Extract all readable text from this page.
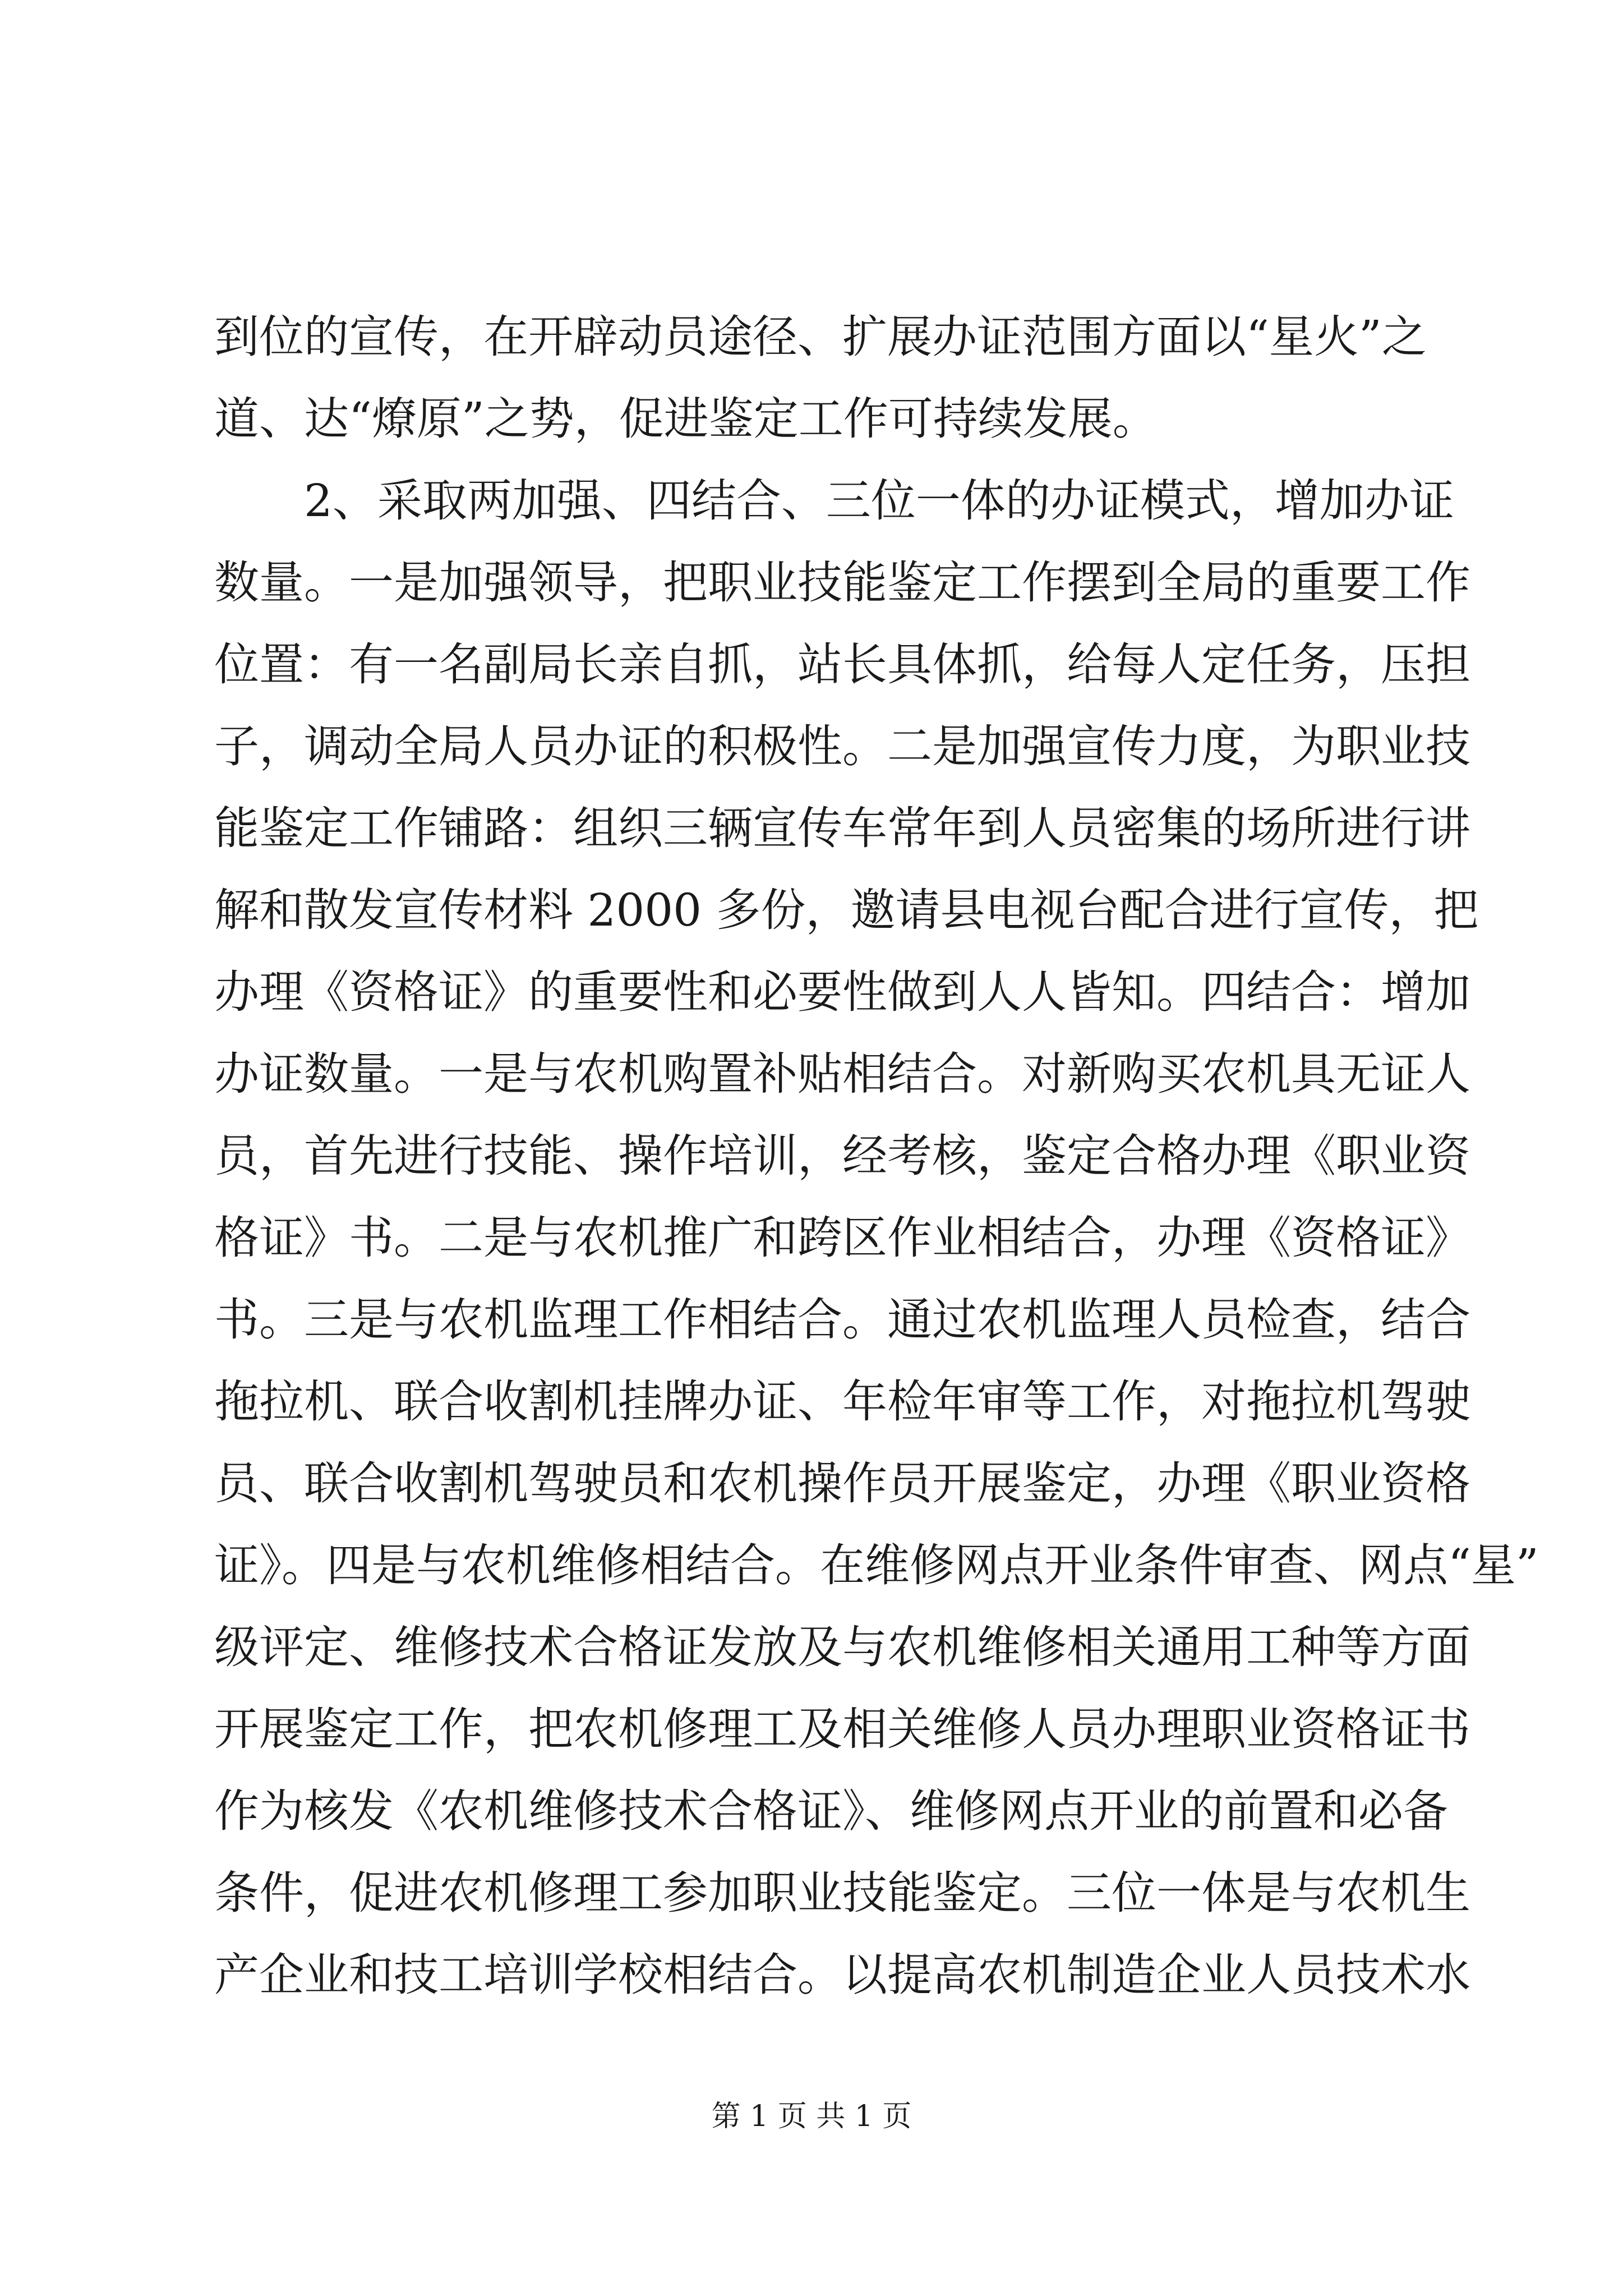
到位的宣传，在开辟动员途径、扩展办证范围方面以“星火”之
道、达“燎原”之势，促进鉴定工作可持续发展。
2、采取两加强、四结合、三位一体的办证模式，增加办证
数量。一是加强领导，把职业技能鉴定工作摆到全局的重要工作
位置：有一名副局长亲自抓，站长具体抓，给每人定任务，压担
子，调动全局人员办证的积极性。二是加强宣传力度，为职业技
能鉴定工作铺路：组织三辆宣传车常年到人员密集的场所进行讲
解和散发宣传材料 2000 多份，邀请县电视台配合进行宣传，把
办理《资格证》的重要性和必要性做到人人皆知。四结合：增加
办证数量。一是与农机购置补贴相结合。对新购买农机具无证人
员，首先进行技能、操作培训，经考核，鉴定合格办理《职业资
格证》书。二是与农机推广和跨区作业相结合，办理《资格证》
书。三是与农机监理工作相结合。通过农机监理人员检查，结合
拖拉机、联合收割机挂牌办证、年检年审等工作，对拖拉机驾驶
员、联合收割机驾驶员和农机操作员开展鉴定，办理《职业资格
证》。四是与农机维修相结合。在维修网点开业条件审查、网点“星”
级评定、维修技术合格证发放及与农机维修相关通用工种等方面
开展鉴定工作，把农机修理工及相关维修人员办理职业资格证书
作为核发《农机维修技术合格证》、维修网点开业的前置和必备
条件，促进农机修理工参加职业技能鉴定。三位一体是与农机生
产企业和技工培训学校相结合。以提高农机制造企业人员技术水
第 1 页 共 1 页
